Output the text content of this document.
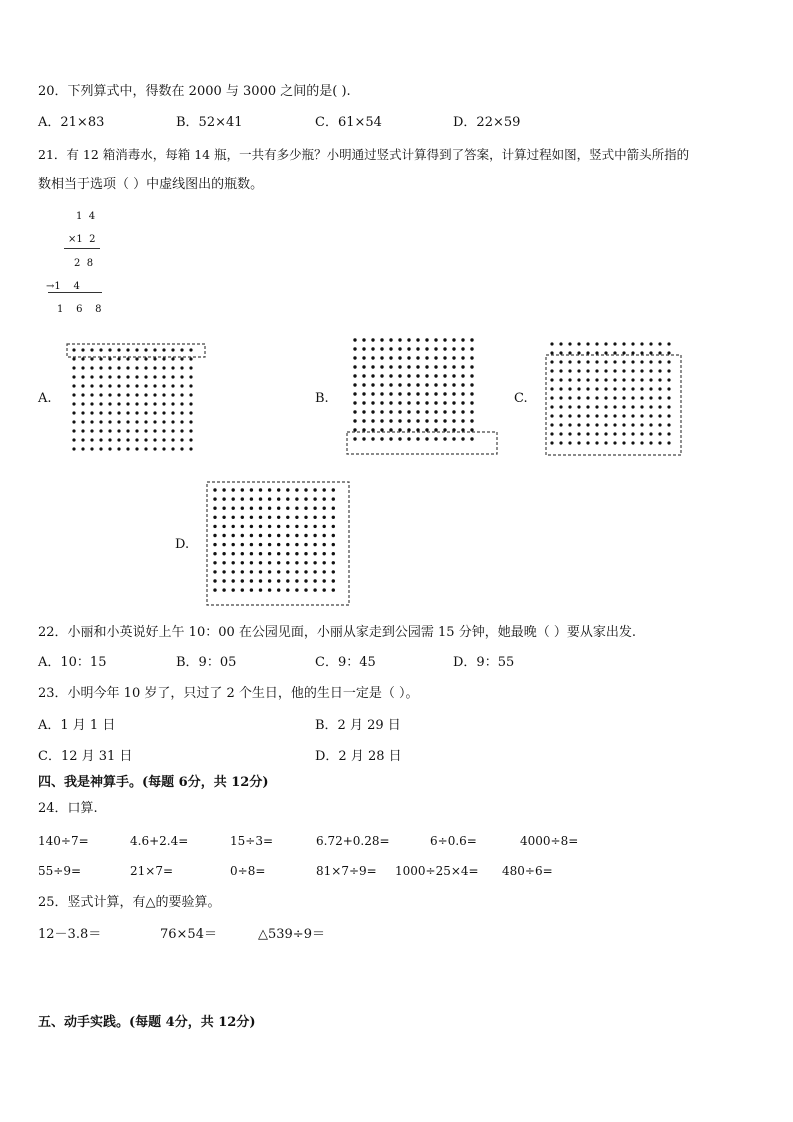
20．下列算式中，得数在 2000 与 3000 之间的是( ).
A．21×83	B．52×41	C．61×54	D．22×59
21．有 12 箱消毒水，每箱 14 瓶，一共有多少瓶？小明通过竖式计算得到了答案，计算过程如图，竖式中箭头所指的
数相当于选项（ ）中虚线图出的瓶数。
1  4
×1  2
2  8
→1    4
1    6    8
A.	B.	C.
D.
22．小丽和小英说好上午 10：00 在公园见面，小丽从家走到公园需 15 分钟，她最晚（ ）要从家出发.
A．10：15	B．9：05	C．9：45	D．9：55
23．小明今年 10 岁了，只过了 2 个生日，他的生日一定是（ ）。
A．1 月 1 日	B．2 月 29 日
C．12 月 31 日	D．2 月 28 日
四、我是神算手。(每题 6分，共 12分)
24．口算.
140÷7=	4.6+2.4=	15÷3=	6.72+0.28=	6÷0.6=	4000÷8=
55÷9=	21×7=	0÷8=	81×7÷9= 1000÷25×4= 480÷6=
25．竖式计算，有△的要验算。
12－3.8＝	76×54＝	△539÷9＝
五、动手实践。(每题 4分，共 12分)
